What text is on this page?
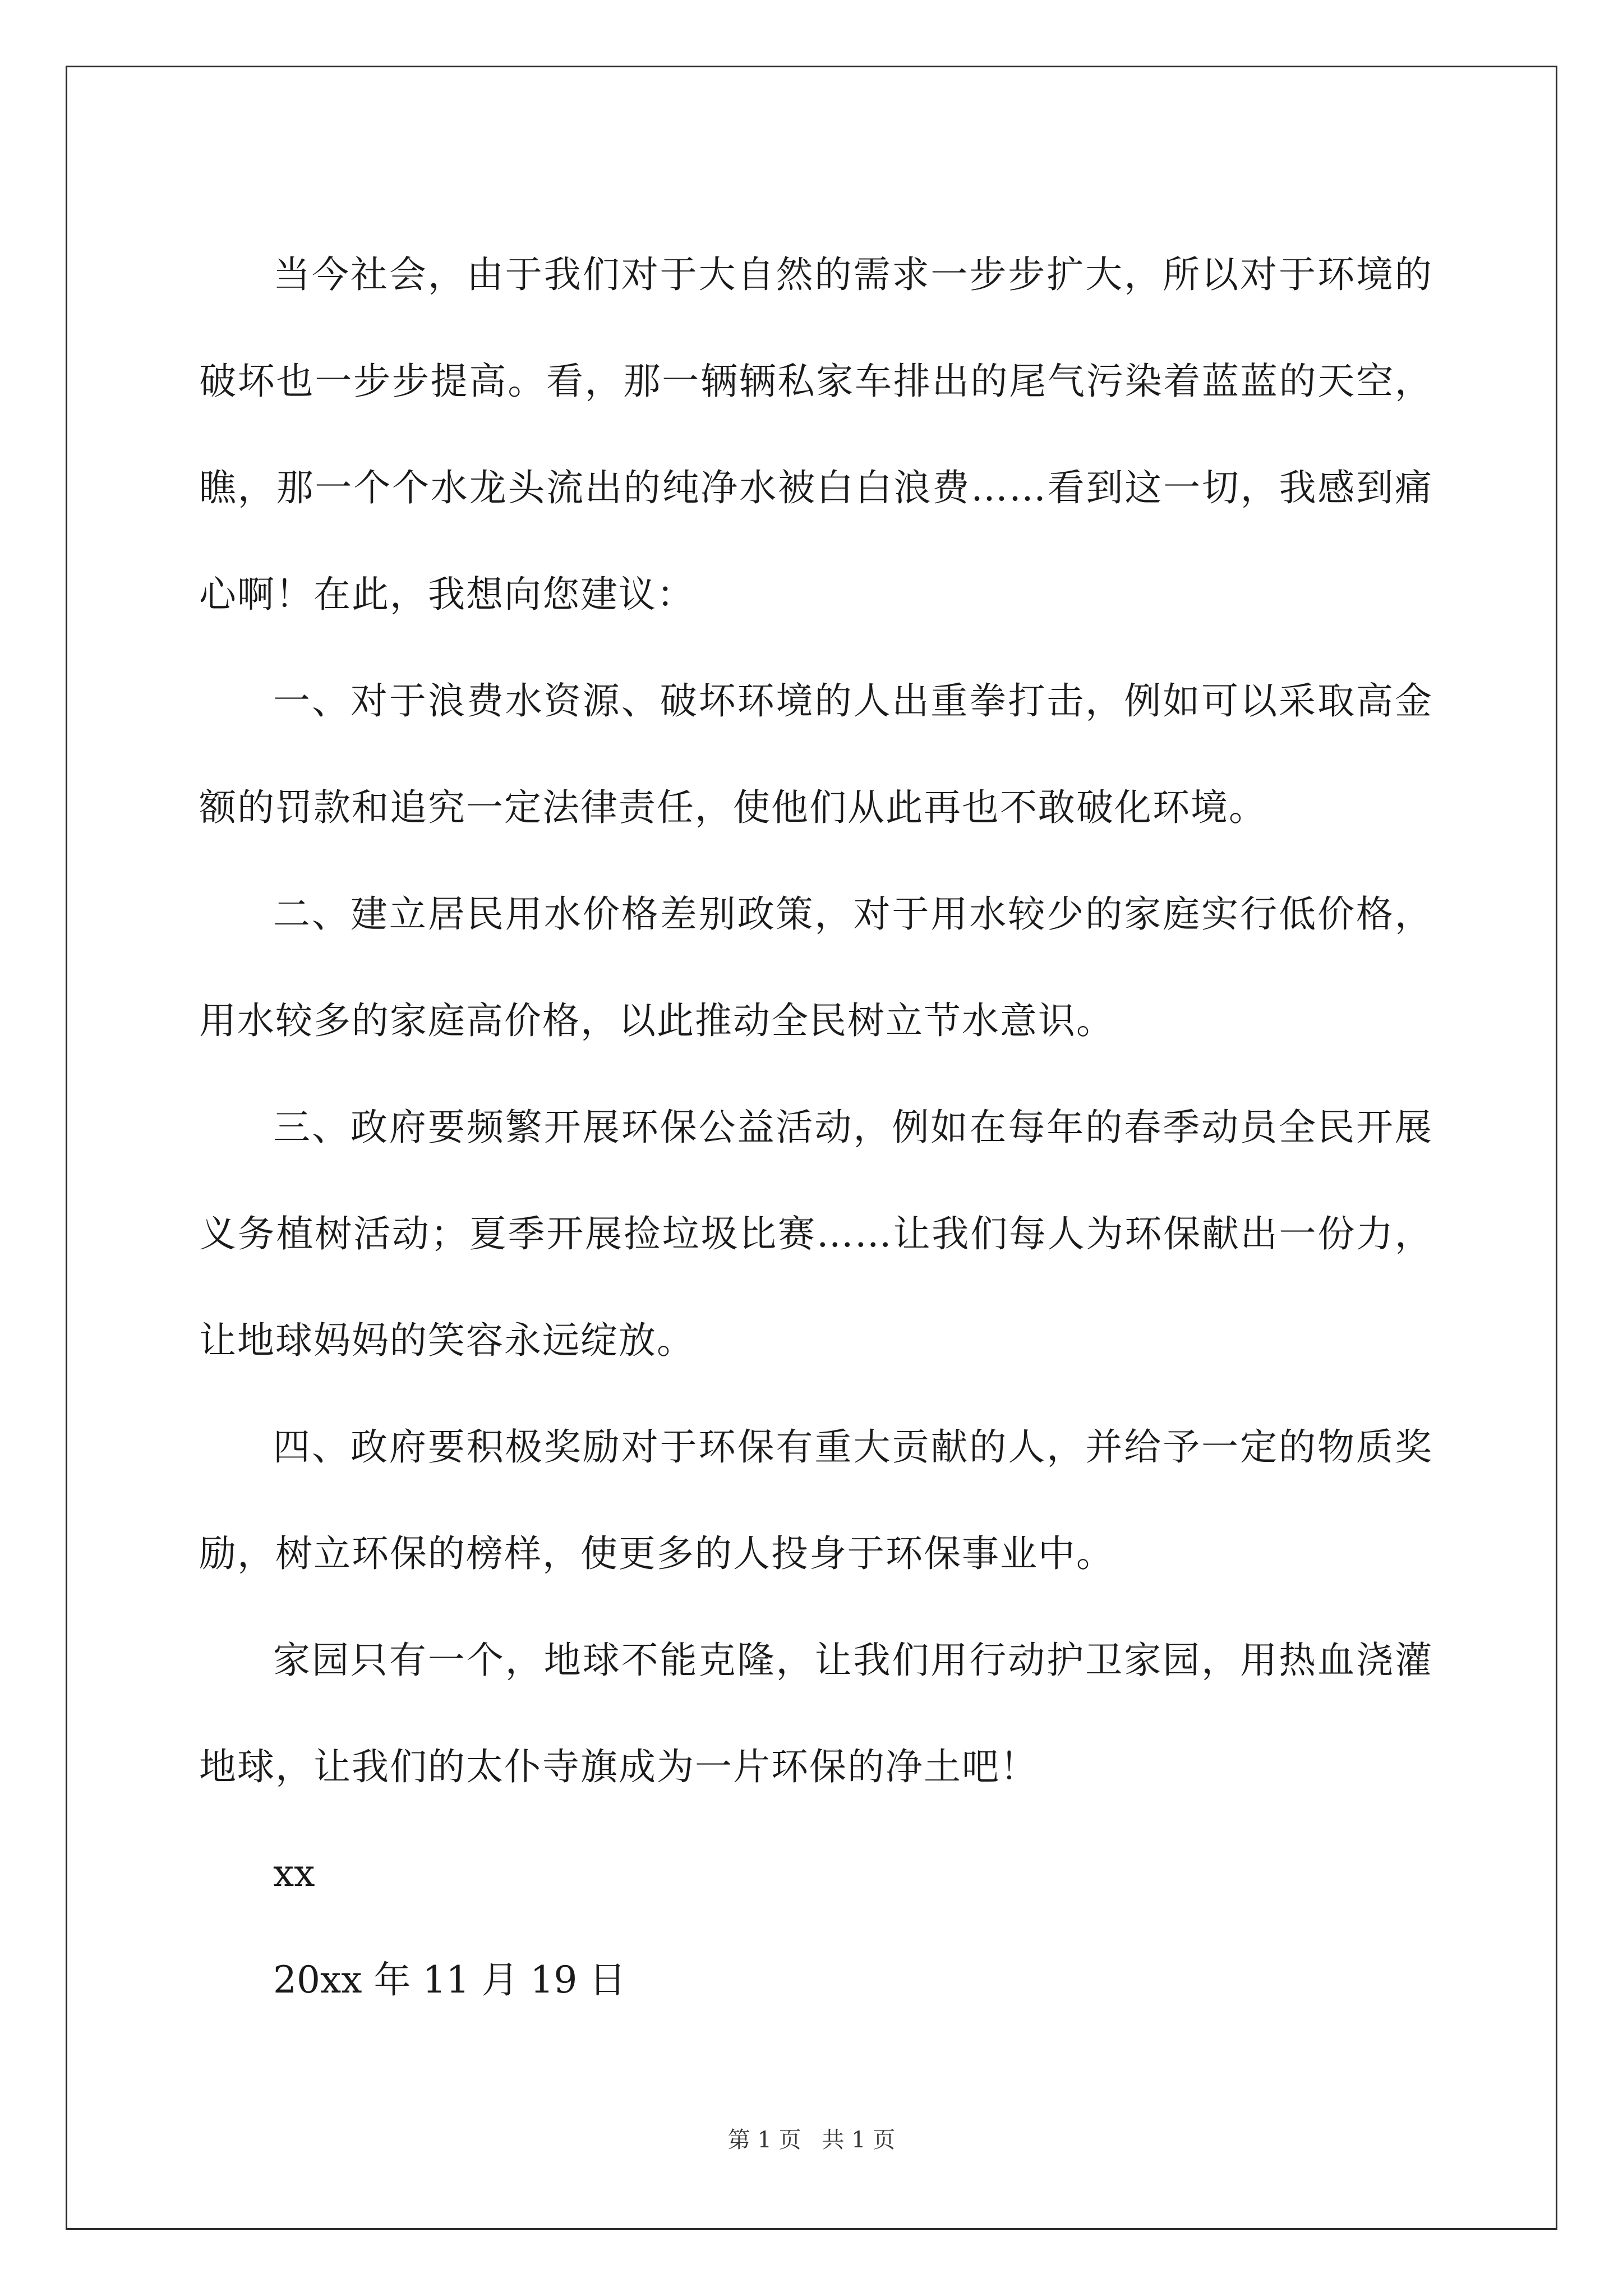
当今社会，由于我们对于大自然的需求一步步扩大，所以对于环境的破坏也一步步提高。看，那一辆辆私家车排出的尾气污染着蓝蓝的天空，瞧，那一个个水龙头流出的纯净水被白白浪费……看到这一切，我感到痛心啊！在此，我想向您建议：

一、对于浪费水资源、破坏环境的人出重拳打击，例如可以采取高金额的罚款和追究一定法律责任，使他们从此再也不敢破化环境。

二、建立居民用水价格差别政策，对于用水较少的家庭实行低价格，用水较多的家庭高价格，以此推动全民树立节水意识。

三、政府要频繁开展环保公益活动，例如在每年的春季动员全民开展义务植树活动；夏季开展捡垃圾比赛……让我们每人为环保献出一份力，让地球妈妈的笑容永远绽放。

四、政府要积极奖励对于环保有重大贡献的人，并给予一定的物质奖励，树立环保的榜样，使更多的人投身于环保事业中。

家园只有一个，地球不能克隆，让我们用行动护卫家园，用热血浇灌地球，让我们的太仆寺旗成为一片环保的净土吧！

xx

20xx 年 11 月 19 日

第 1 页 共 1 页
